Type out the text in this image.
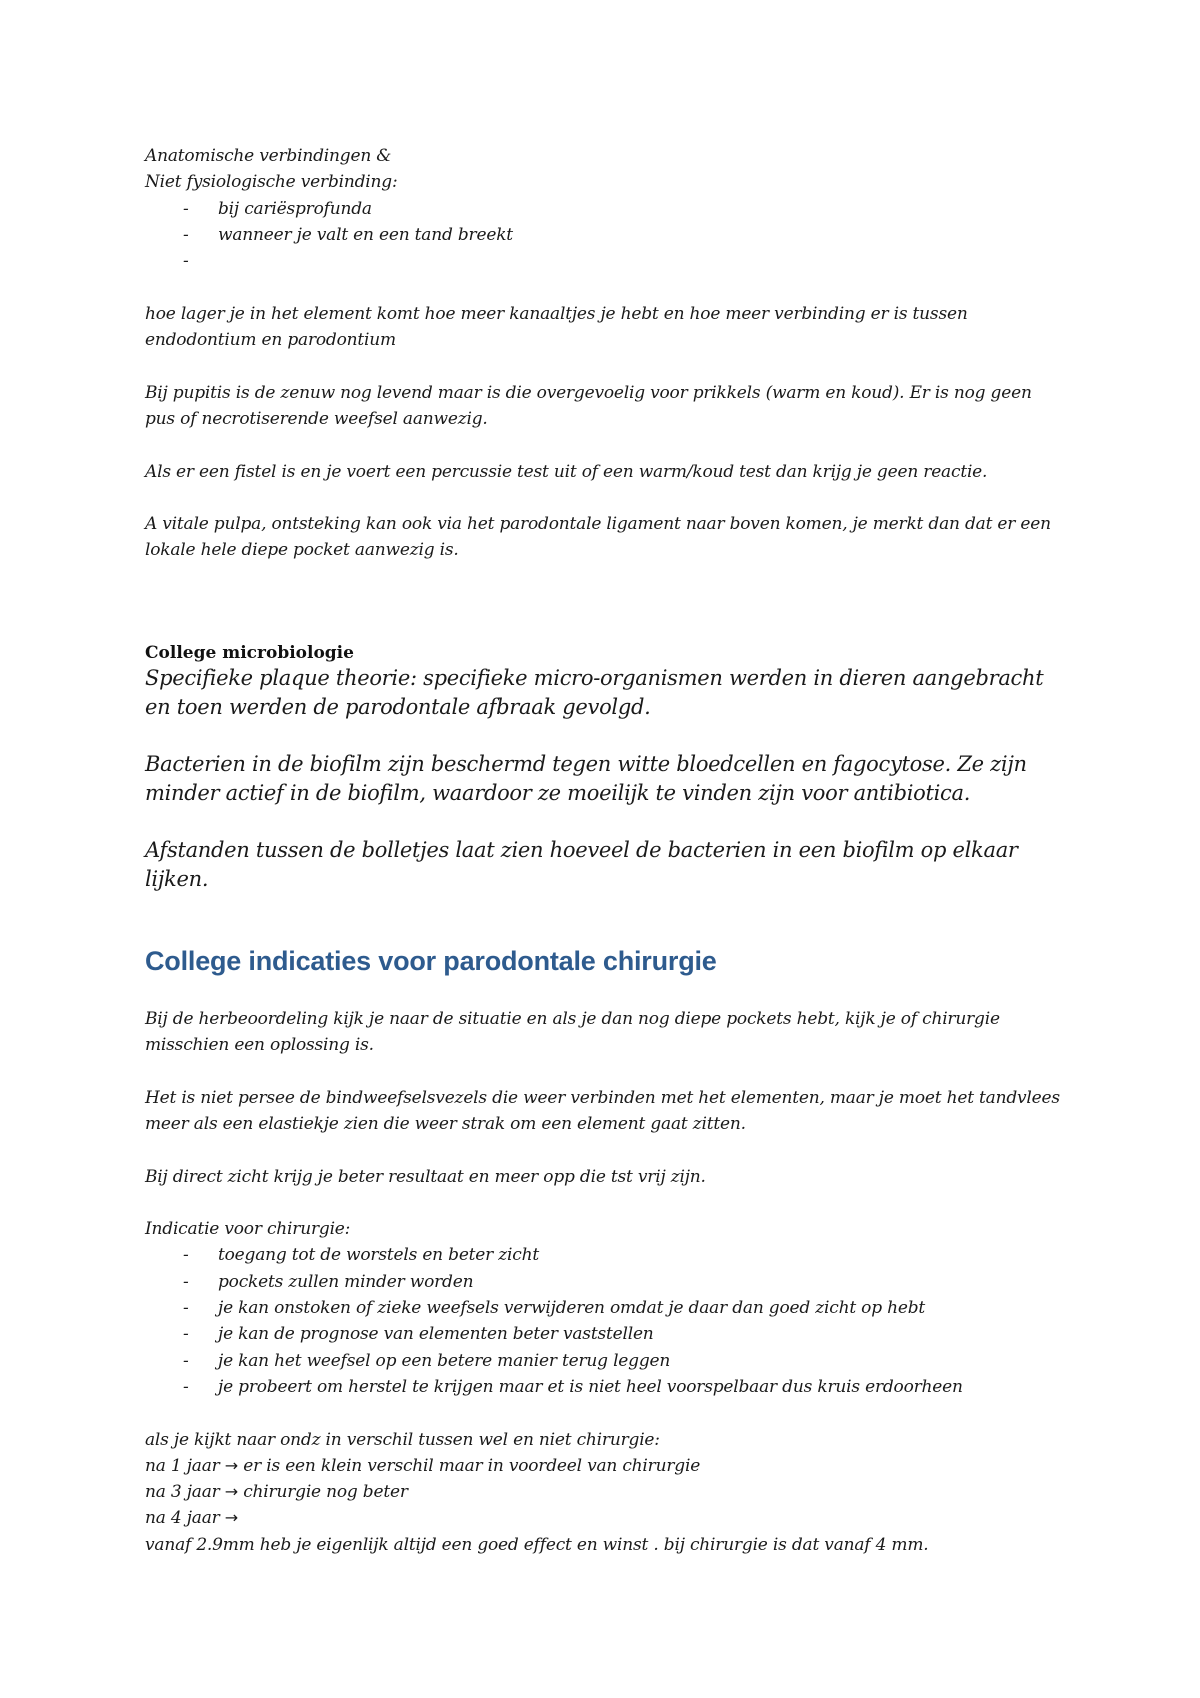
Anatomische verbindingen &

Niet fysiologische verbinding:

- bij cariësprofunda
- wanneer je valt en een tand breekt
-

hoe lager je in het element komt hoe meer kanaaltjes je hebt en hoe meer verbinding er is tussen endodontium en parodontium

Bij pupitis is de zenuw nog levend maar is die overgevoelig voor prikkels (warm en koud). Er is nog geen pus of necrotiserende weefsel aanwezig.

Als er een fistel is en je voert een percussie test uit of een warm/koud test dan krijg je geen reactie.

A vitale pulpa, ontsteking kan ook via het parodontale ligament naar boven komen, je merkt dan dat er een lokale hele diepe pocket aanwezig is.

College microbiologie

Specifieke plaque theorie: specifieke micro-organismen werden in dieren aangebracht en toen werden de parodontale afbraak gevolgd.

Bacterien in de biofilm zijn beschermd tegen witte bloedcellen en fagocytose. Ze zijn minder actief in de biofilm, waardoor ze moeilijk te vinden zijn voor antibiotica.

Afstanden tussen de bolletjes laat zien hoeveel de bacterien in een biofilm op elkaar lijken.

College indicaties voor parodontale chirurgie

Bij de herbeoordeling kijk je naar de situatie en als je dan nog diepe pockets hebt, kijk je of chirurgie misschien een oplossing is.

Het is niet persee de bindweefselsvezels die weer verbinden met het elementen, maar je moet het tandvlees meer als een elastiekje zien die weer strak om een element gaat zitten.

Bij direct zicht krijg je beter resultaat en meer opp die tst vrij zijn.

Indicatie voor chirurgie:

- toegang tot de worstels en beter zicht
- pockets zullen minder worden
- je kan onstoken of zieke weefsels verwijderen omdat je daar dan goed zicht op hebt
- je kan de prognose van elementen beter vaststellen
- je kan het weefsel op een betere manier terug leggen
- je probeert om herstel te krijgen maar et is niet heel voorspelbaar dus kruis erdoorheen

als je kijkt naar ondz in verschil tussen wel en niet chirurgie:

na 1 jaar → er is een klein verschil maar in voordeel van chirurgie

na 3 jaar → chirurgie nog beter

na 4 jaar →

vanaf 2.9mm heb je eigenlijk altijd een goed effect en winst . bij chirurgie is dat vanaf 4 mm.
